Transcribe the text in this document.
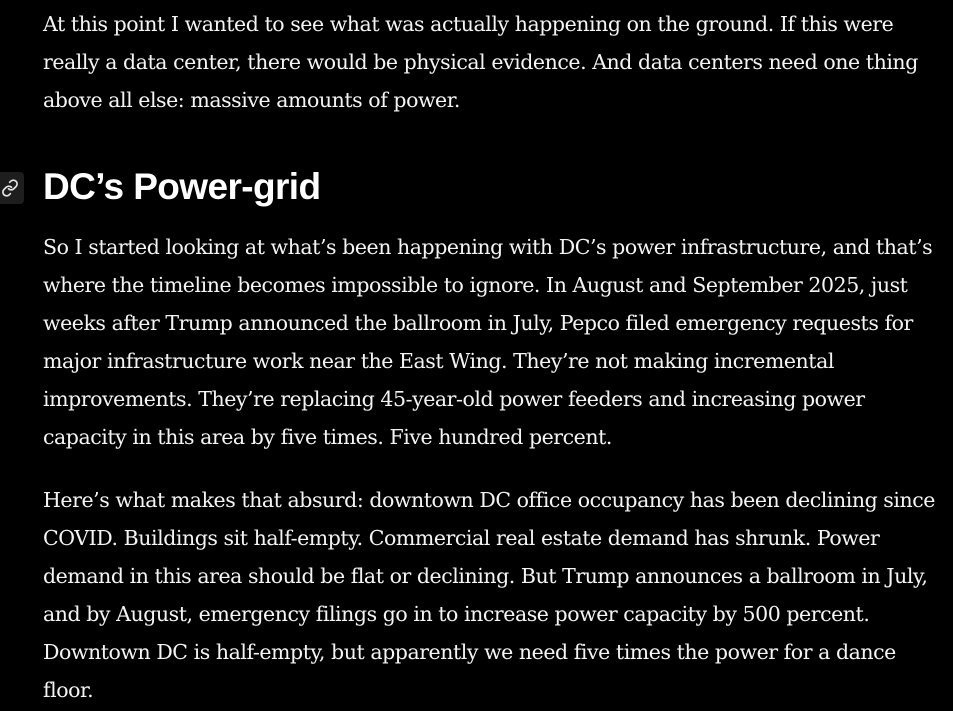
At this point I wanted to see what was actually happening on the ground. If this were really a data center, there would be physical evidence. And data centers need one thing above all else: massive amounts of power.

DC’s Power-grid

So I started looking at what’s been happening with DC’s power infrastructure, and that’s where the timeline becomes impossible to ignore. In August and September 2025, just weeks after Trump announced the ballroom in July, Pepco filed emergency requests for major infrastructure work near the East Wing. They’re not making incremental improvements. They’re replacing 45-year-old power feeders and increasing power capacity in this area by five times. Five hundred percent.

Here’s what makes that absurd: downtown DC office occupancy has been declining since COVID. Buildings sit half-empty. Commercial real estate demand has shrunk. Power demand in this area should be flat or declining. But Trump announces a ballroom in July, and by August, emergency filings go in to increase power capacity by 500 percent. Downtown DC is half-empty, but apparently we need five times the power for a dance floor.
